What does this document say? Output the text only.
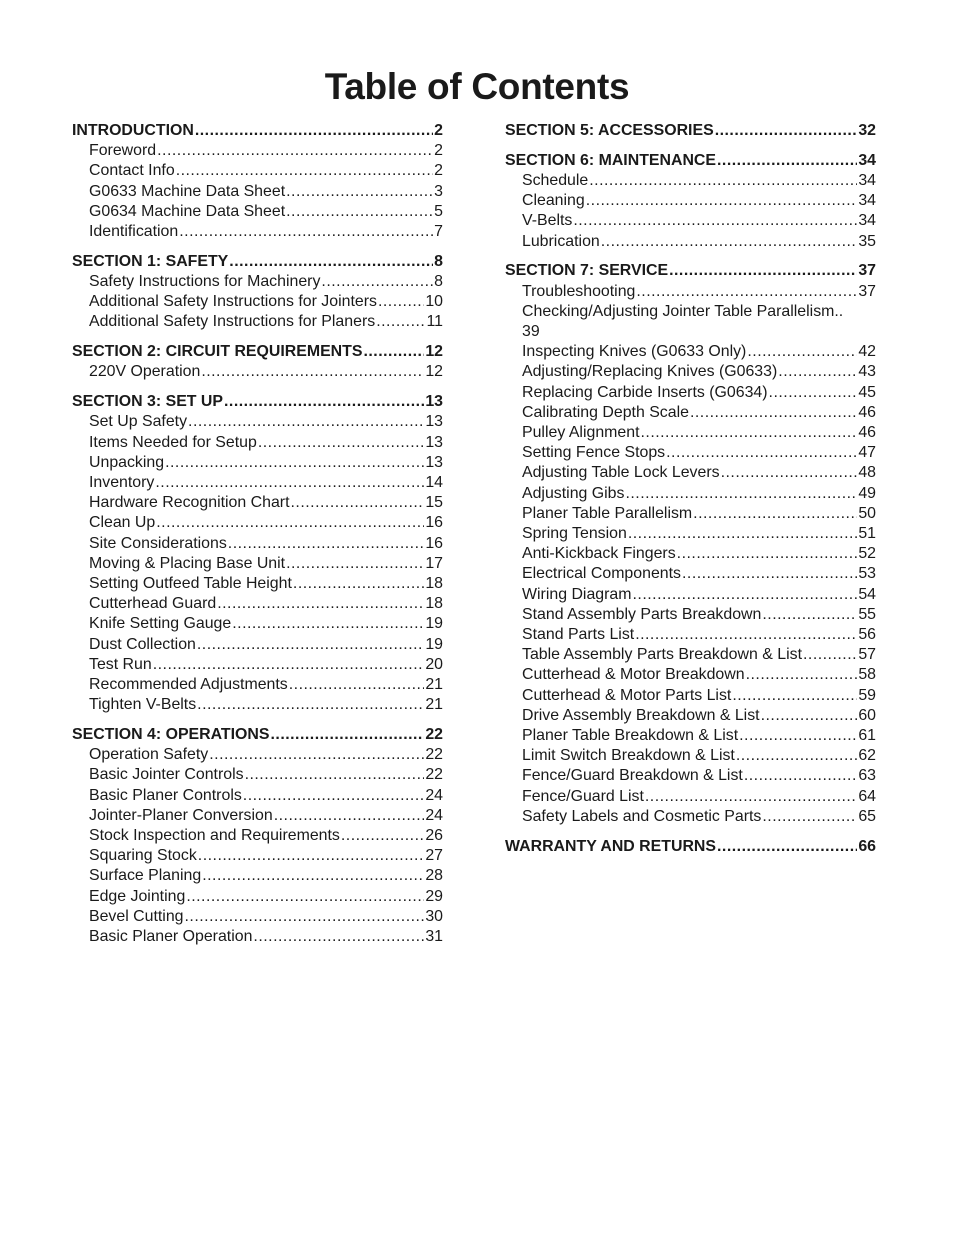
Table of Contents
INTRODUCTION .....	2
Foreword .....	2
Contact Info .....	2
G0633 Machine Data Sheet .....	3
G0634 Machine Data Sheet .....	5
Identification .....	7
SECTION 1: SAFETY .....	8
Safety Instructions for Machinery .....	8
Additional Safety Instructions for Jointers .....	10
Additional Safety Instructions for Planers .....	11
SECTION 2: CIRCUIT REQUIREMENTS .....	12
220V Operation .....	12
SECTION 3: SET UP .....	13
Set Up Safety .....	13
Items Needed for Setup .....	13
Unpacking .....	13
Inventory .....	14
Hardware Recognition Chart .....	15
Clean Up .....	16
Site Considerations .....	16
Moving & Placing Base Unit .....	17
Setting Outfeed Table Height .....	18
Cutterhead Guard .....	18
Knife Setting Gauge .....	19
Dust Collection .....	19
Test Run .....	20
Recommended Adjustments .....	21
Tighten V-Belts .....	21
SECTION 4: OPERATIONS .....	22
Operation Safety .....	22
Basic Jointer Controls .....	22
Basic Planer Controls .....	24
Jointer-Planer Conversion .....	24
Stock Inspection and Requirements .....	26
Squaring Stock .....	27
Surface Planing .....	28
Edge Jointing .....	29
Bevel Cutting .....	30
Basic Planer Operation .....	31
SECTION 5: ACCESSORIES .....	32
SECTION 6: MAINTENANCE .....	34
Schedule .....	34
Cleaning .....	34
V-Belts .....	34
Lubrication .....	35
SECTION 7: SERVICE .....	37
Troubleshooting .....	37
Checking/Adjusting Jointer Table Parallelism..
39
Inspecting Knives (G0633 Only) .....	42
Adjusting/Replacing Knives (G0633) .....	43
Replacing Carbide Inserts (G0634) .....	45
Calibrating Depth Scale .....	46
Pulley Alignment .....	46
Setting Fence Stops .....	47
Adjusting Table Lock Levers .....	48
Adjusting Gibs .....	49
Planer Table Parallelism .....	50
Spring Tension .....	51
Anti-Kickback Fingers .....	52
Electrical Components .....	53
Wiring Diagram .....	54
Stand Assembly Parts Breakdown .....	55
Stand Parts List .....	56
Table Assembly Parts Breakdown & List .....	57
Cutterhead & Motor Breakdown .....	58
Cutterhead & Motor Parts List .....	59
Drive Assembly Breakdown & List .....	60
Planer Table Breakdown & List .....	61
Limit Switch Breakdown & List .....	62
Fence/Guard Breakdown & List .....	63
Fence/Guard List .....	64
Safety Labels and Cosmetic Parts .....	65
WARRANTY AND RETURNS .....	66
